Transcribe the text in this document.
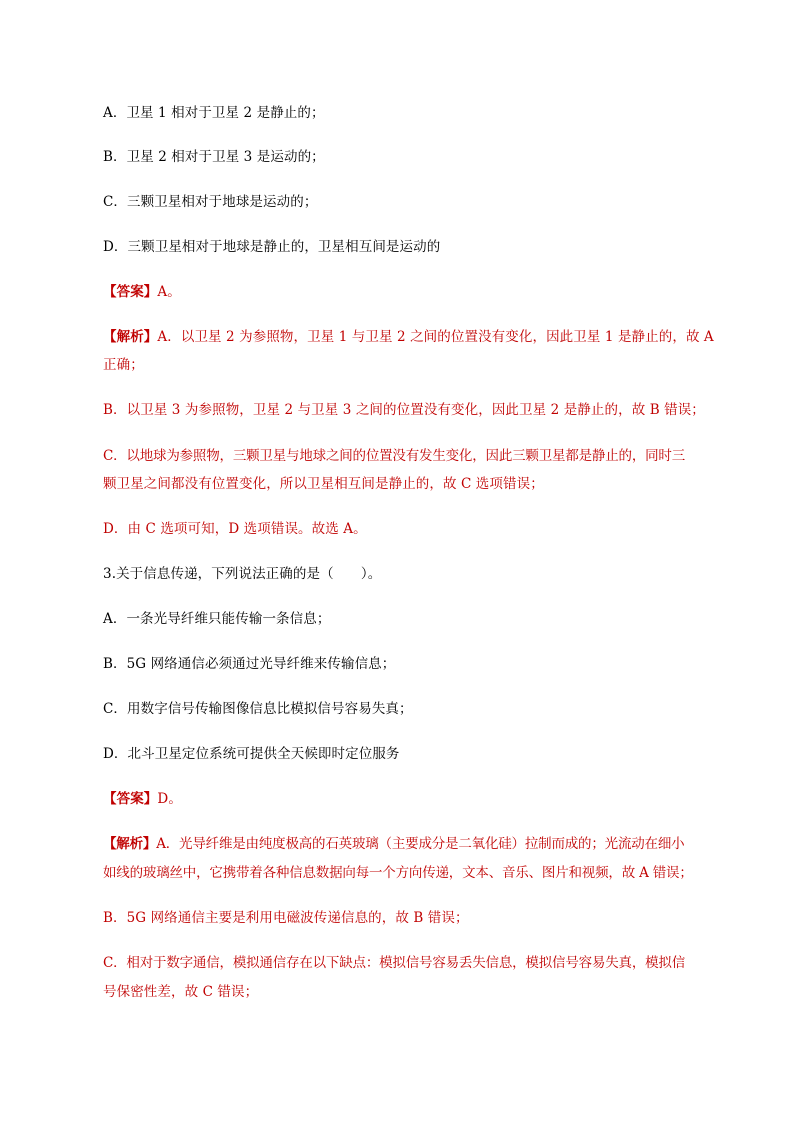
A．卫星 1 相对于卫星 2 是静止的；
B．卫星 2 相对于卫星 3 是运动的；
C．三颗卫星相对于地球是运动的；
D．三颗卫星相对于地球是静止的，卫星相互间是运动的
【答案】A。
【解析】A．以卫星 2 为参照物，卫星 1 与卫星 2 之间的位置没有变化，因此卫星 1 是静止的，故 A
正确；
B．以卫星 3 为参照物，卫星 2 与卫星 3 之间的位置没有变化，因此卫星 2 是静止的，故 B 错误；
C．以地球为参照物，三颗卫星与地球之间的位置没有发生变化，因此三颗卫星都是静止的，同时三
颗卫星之间都没有位置变化，所以卫星相互间是静止的，故 C 选项错误；
D．由 C 选项可知，D 选项错误。故选 A。
3.关于信息传递，下列说法正确的是（　　）。
A．一条光导纤维只能传输一条信息；
B．5G 网络通信必须通过光导纤维来传输信息；
C．用数字信号传输图像信息比模拟信号容易失真；
D．北斗卫星定位系统可提供全天候即时定位服务
【答案】D。
【解析】A．光导纤维是由纯度极高的石英玻璃（主要成分是二氧化硅）拉制而成的；光流动在细小
如线的玻璃丝中，它携带着各种信息数据向每一个方向传递，文本、音乐、图片和视频，故 A 错误；
B．5G 网络通信主要是利用电磁波传递信息的，故 B 错误；
C．相对于数字通信，模拟通信存在以下缺点：模拟信号容易丢失信息，模拟信号容易失真，模拟信
号保密性差，故 C 错误；
